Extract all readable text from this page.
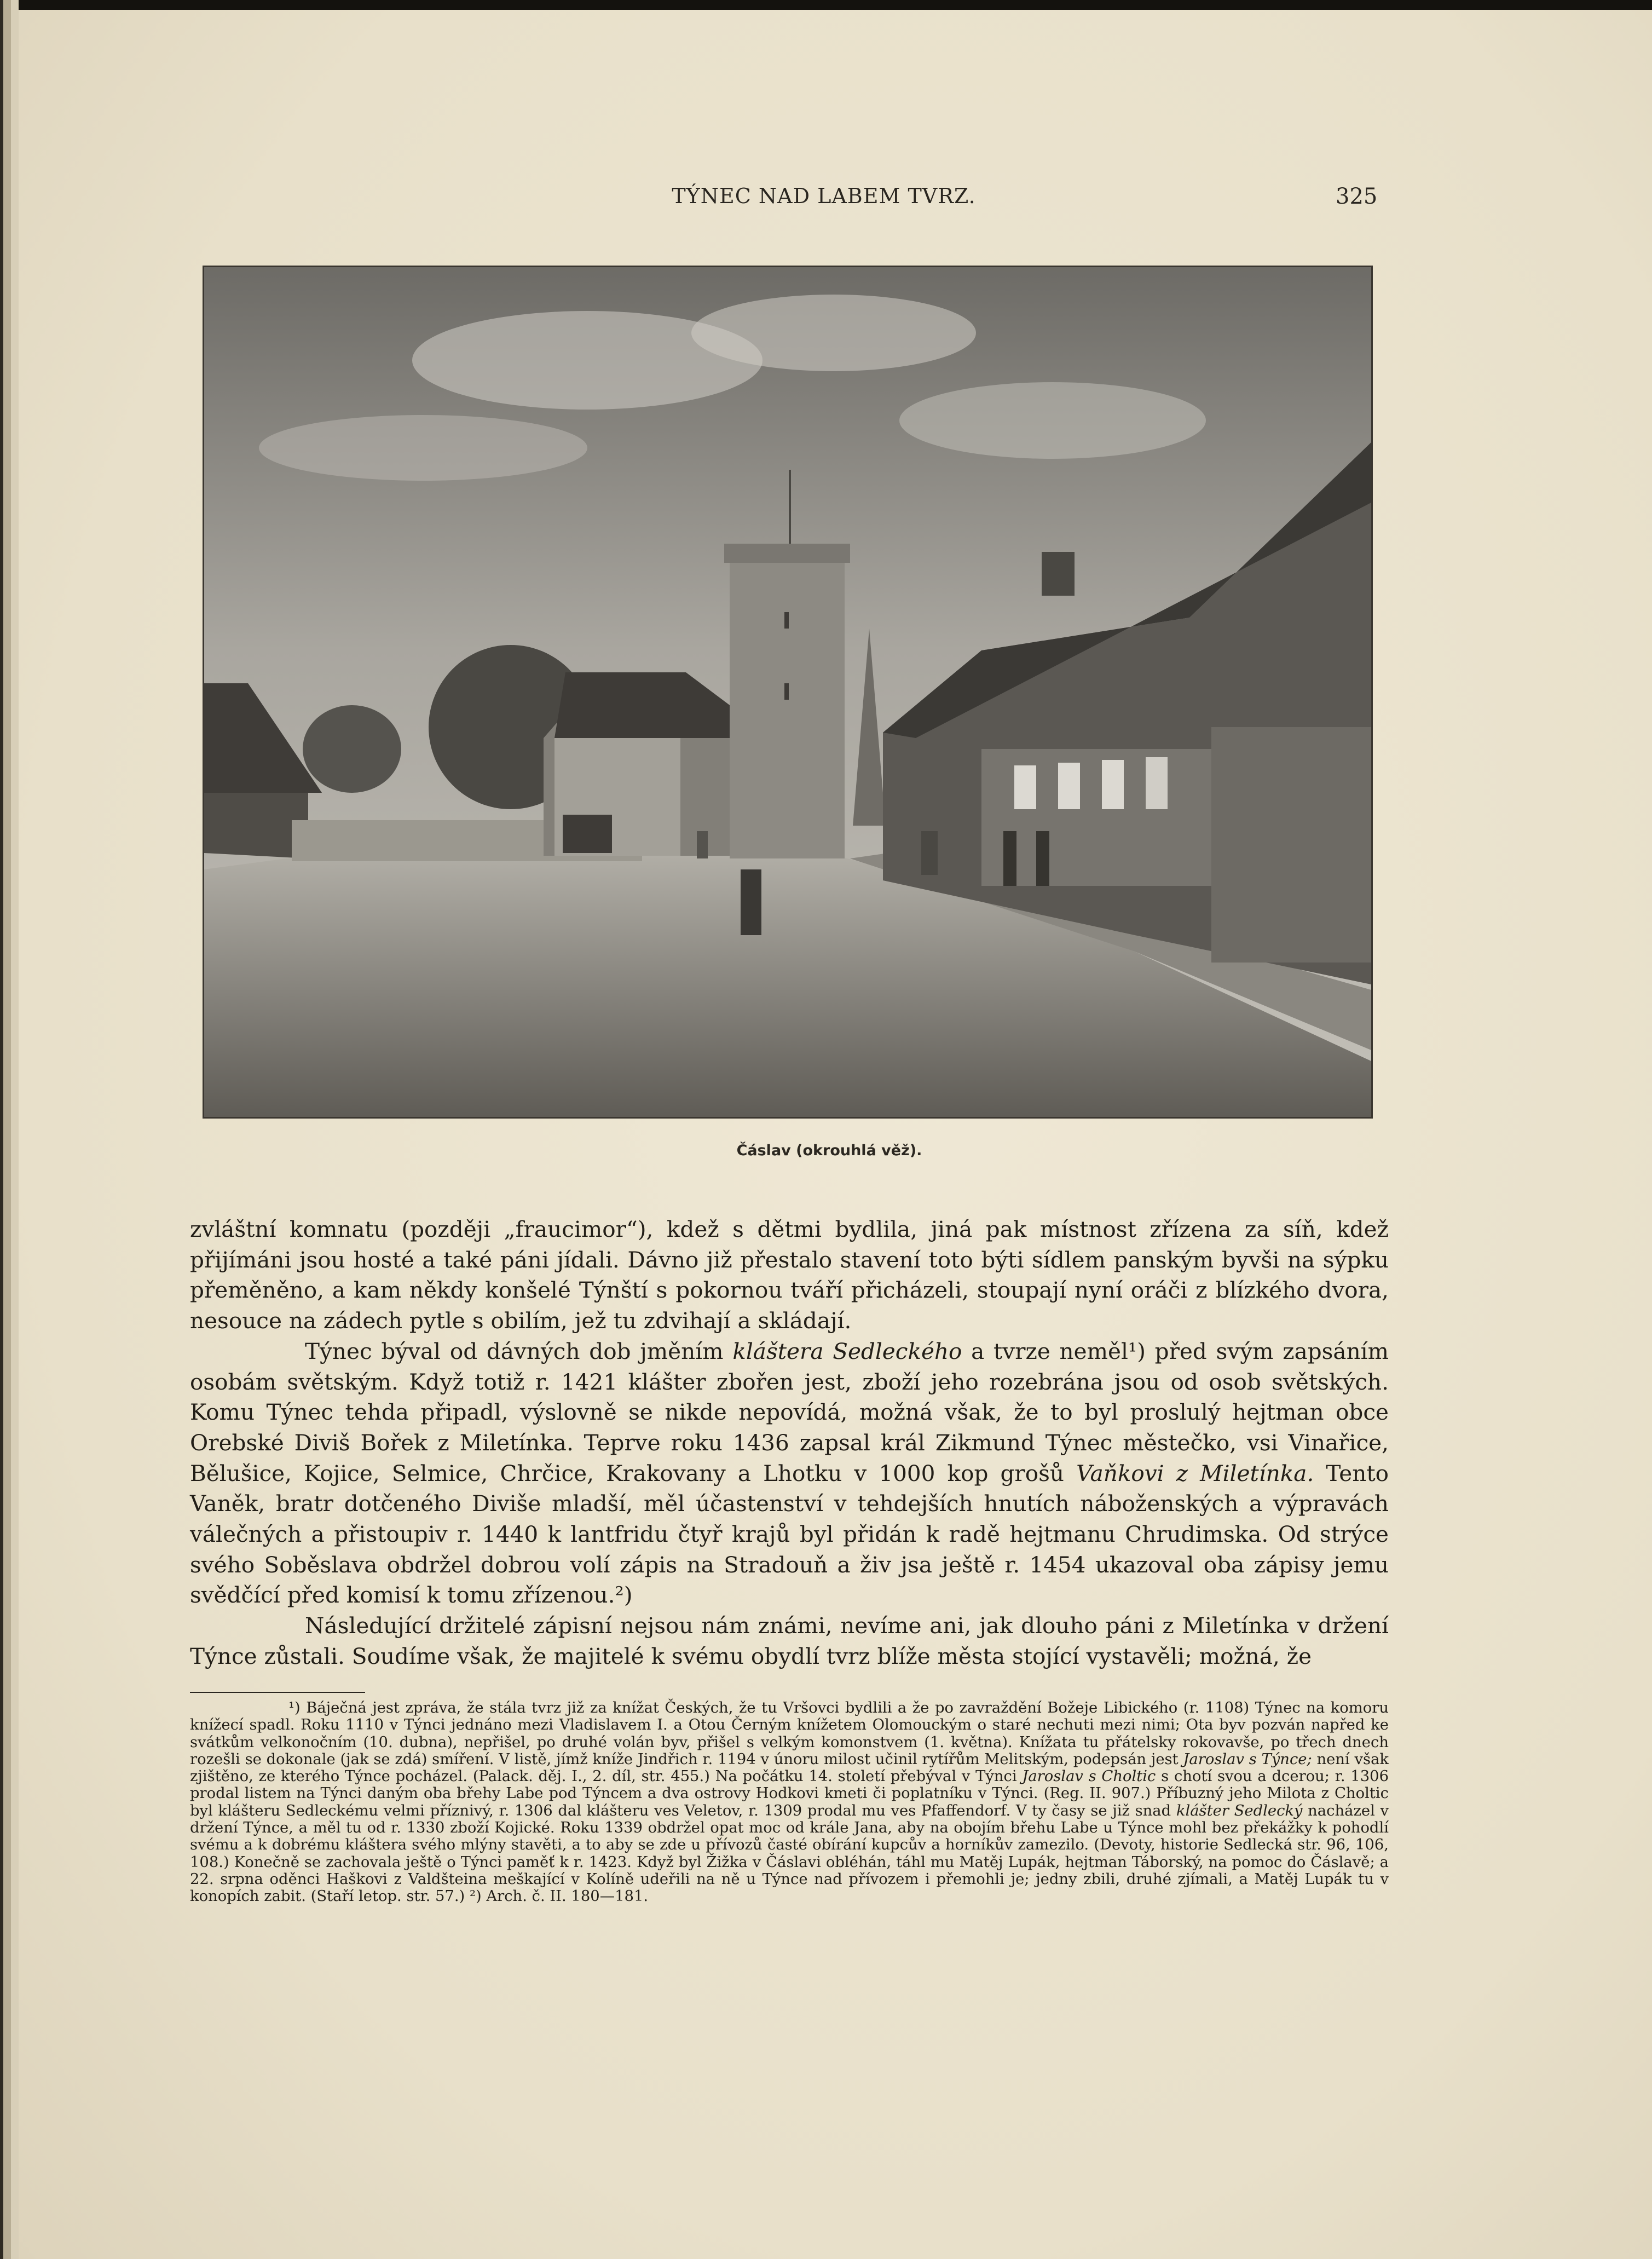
TÝNEC NAD LABEM TVRZ.	325
Čáslav (okrouhlá věž).

zvláštní komnatu (později „fraucimor“), kdež s dětmi bydlila, jiná pak místnost zřízena za síň, kdež přijímáni jsou hosté a také páni jídali. Dávno již přestalo stavení toto býti sídlem panským byvši na sýpku přeměněno, a kam někdy konšelé Týnští s pokornou tváří přicházeli, stoupají nyní oráči z blízkého dvora, nesouce na zádech pytle s obilím, jež tu zdvihají a skládají.

Týnec býval od dávných dob jměním kláštera Sedleckého a tvrze neměl¹) před svým zapsáním osobám světským. Když totiž r. 1421 klášter zbořen jest, zboží jeho rozebrána jsou od osob světských. Komu Týnec tehda připadl, výslovně se nikde nepovídá, možná však, že to byl proslulý hejtman obce Orebské Diviš Bořek z Miletínka. Teprve roku 1436 zapsal král Zikmund Týnec městečko, vsi Vinařice, Bělušice, Kojice, Selmice, Chrčice, Krakovany a Lhotku v 1000 kop grošů Vaňkovi z Miletínka. Tento Vaněk, bratr dotčeného Diviše mladší, měl účastenství v tehdejších hnutích náboženských a výpravách válečných a přistoupiv r. 1440 k lantfridu čtyř krajů byl přidán k radě hejtmanu Chrudimska. Od strýce svého Soběslava obdržel dobrou volí zápis na Stradouň a živ jsa ještě r. 1454 ukazoval oba zápisy jemu svědčící před komisí k tomu zřízenou.²)

Následující držitelé zápisní nejsou nám známi, nevíme ani, jak dlouho páni z Miletínka v držení Týnce zůstali. Soudíme však, že majitelé k svému obydlí tvrz blíže města stojící vystavěli; možná, že

¹) Báječná jest zpráva, že stála tvrz již za knížat Českých, že tu Vršovci bydlili a že po zavraždění Božeje Libického (r. 1108) Týnec na komoru knížecí spadl. Roku 1110 v Týnci jednáno mezi Vladislavem I. a Otou Černým knížetem Olomouckým o staré nechuti mezi nimi; Ota byv pozván napřed ke svátkům velkonočním (10. dubna), nepřišel, po druhé volán byv, přišel s velkým komonstvem (1. května). Knížata tu přátelsky rokovavše, po třech dnech rozešli se dokonale (jak se zdá) smíření. V listě, jímž kníže Jindřich r. 1194 v únoru milost učinil rytířům Melitským, podepsán jest Jaroslav s Týnce; není však zjištěno, ze kterého Týnce pocházel. (Palack. děj. I., 2. díl, str. 455.) Na počátku 14. století přebýval v Týnci Jaroslav s Choltic s chotí svou a dcerou; r. 1306 prodal listem na Týnci daným oba břehy Labe pod Týncem a dva ostrovy Hodkovi kmeti či poplatníku v Týnci. (Reg. II. 907.) Příbuzný jeho Milota z Choltic byl klášteru Sedleckému velmi příznivý, r. 1306 dal klášteru ves Veletov, r. 1309 prodal mu ves Pfaffendorf. V ty časy se již snad klášter Sedlecký nacházel v držení Týnce, a měl tu od r. 1330 zboží Kojické. Roku 1339 obdržel opat moc od krále Jana, aby na obojím břehu Labe u Týnce mohl bez překážky k pohodlí svému a k dobrému kláštera svého mlýny stavěti, a to aby se zde u přívozů časté obírání kupcův a horníkův zamezilo. (Devoty, historie Sedlecká str. 96, 106, 108.) Konečně se zachovala ještě o Týnci paměť k r. 1423. Když byl Žižka v Čáslavi obléhán, táhl mu Matěj Lupák, hejtman Táborský, na pomoc do Čáslavě; a 22. srpna oděnci Haškovi z Valdšteina meškající v Kolíně udeřili na ně u Týnce nad přívozem i přemohli je; jedny zbili, druhé zjímali, a Matěj Lupák tu v konopích zabit. (Staří letop. str. 57.) ²) Arch. č. II. 180—181.
